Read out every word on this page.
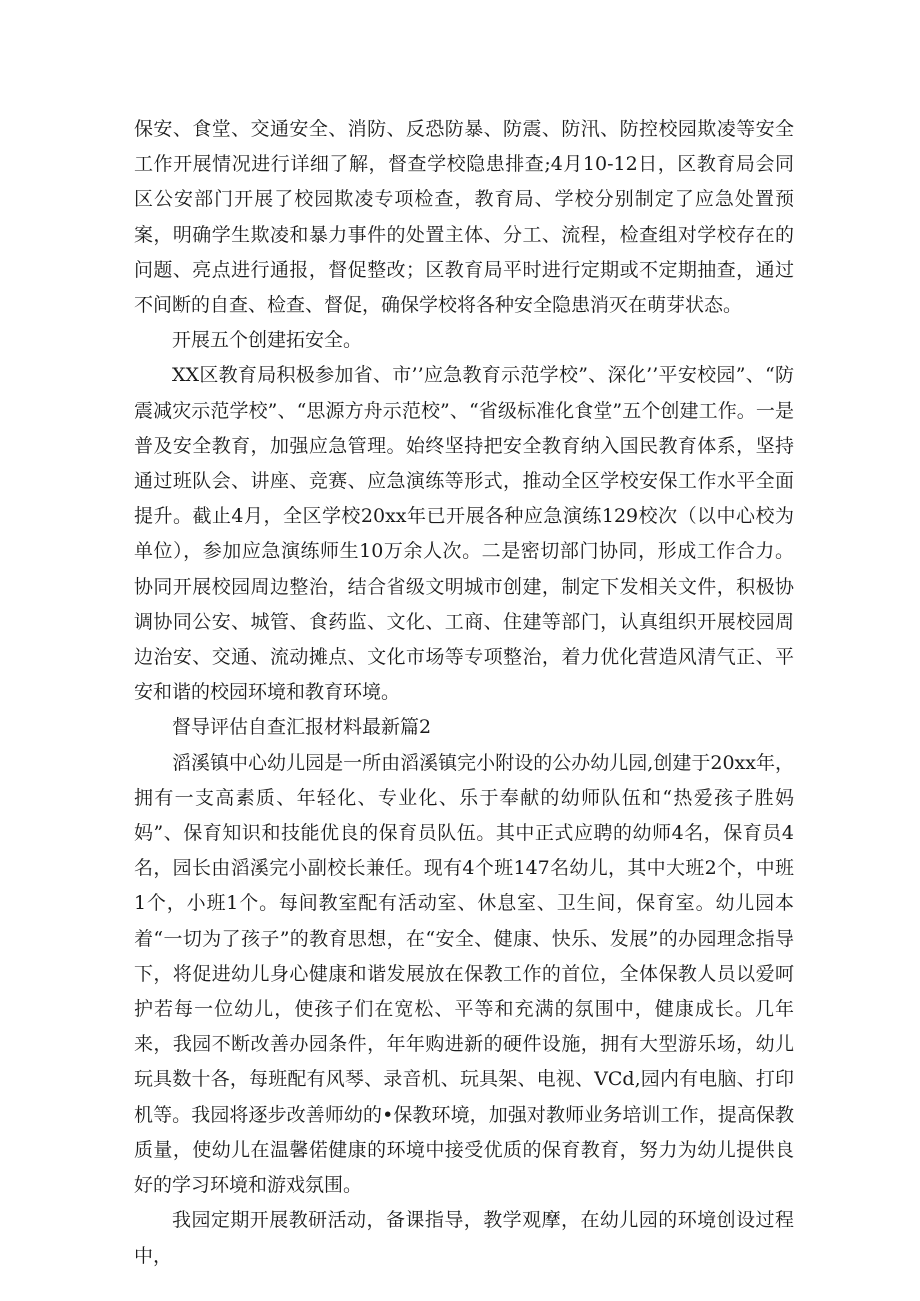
保安、食堂、交通安全、消防、反恐防暴、防震、防汛、防控校园欺凌等安全工作开展情况进行详细了解，督查学校隐患排查;4月10-12日，区教育局会同区公安部门开展了校园欺凌专项检查，教育局、学校分别制定了应急处置预案，明确学生欺凌和暴力事件的处置主体、分工、流程，检查组对学校存在的问题、亮点进行通报，督促整改；区教育局平时进行定期或不定期抽查，通过不间断的自查、检查、督促，确保学校将各种安全隐患消灭在萌芽状态。

开展五个创建拓安全。

XX区教育局积极参加省、市’’应急教育示范学校”、深化’’平安校园”、“防震减灾示范学校”、“思源方舟示范校”、“省级标准化食堂”五个创建工作。一是普及安全教育，加强应急管理。始终坚持把安全教育纳入国民教育体系，坚持通过班队会、讲座、竞赛、应急演练等形式，推动全区学校安保工作水平全面提升。截止4月，全区学校20xx年已开展各种应急演练129校次（以中心校为单位），参加应急演练师生10万余人次。二是密切部门协同，形成工作合力。协同开展校园周边整治，结合省级文明城市创建，制定下发相关文件，积极协调协同公安、城管、食药监、文化、工商、住建等部门，认真组织开展校园周边治安、交通、流动摊点、文化市场等专项整治，着力优化营造风清气正、平安和谐的校园环境和教育环境。

督导评估自查汇报材料最新篇2

滔溪镇中心幼儿园是一所由滔溪镇完小附设的公办幼儿园,创建于20xx年，拥有一支高素质、年轻化、专业化、乐于奉献的幼师队伍和“热爱孩子胜妈妈”、保育知识和技能优良的保育员队伍。其中正式应聘的幼师4名，保育员4名，园长由滔溪完小副校长兼任。现有4个班147名幼儿，其中大班2个，中班1个，小班1个。每间教室配有活动室、休息室、卫生间，保育室。幼儿园本着“一切为了孩子”的教育思想，在“安全、健康、快乐、发展”的办园理念指导下，将促进幼儿身心健康和谐发展放在保教工作的首位，全体保教人员以爱呵护若每一位幼儿，使孩子们在宽松、平等和充满的氛围中，健康成长。几年来，我园不断改善办园条件，年年购进新的硬件设施，拥有大型游乐场，幼儿玩具数十各，每班配有风琴、录音机、玩具架、电视、VCd,园内有电脑、打印机等。我园将逐步改善师幼的•保教环境，加强对教师业务培训工作，提高保教质量，使幼儿在温馨偌健康的环境中接受优质的保育教育，努力为幼儿提供良好的学习环境和游戏氛围。

我园定期开展教研活动，备课指导，教学观摩，在幼儿园的环境创设过程中，
